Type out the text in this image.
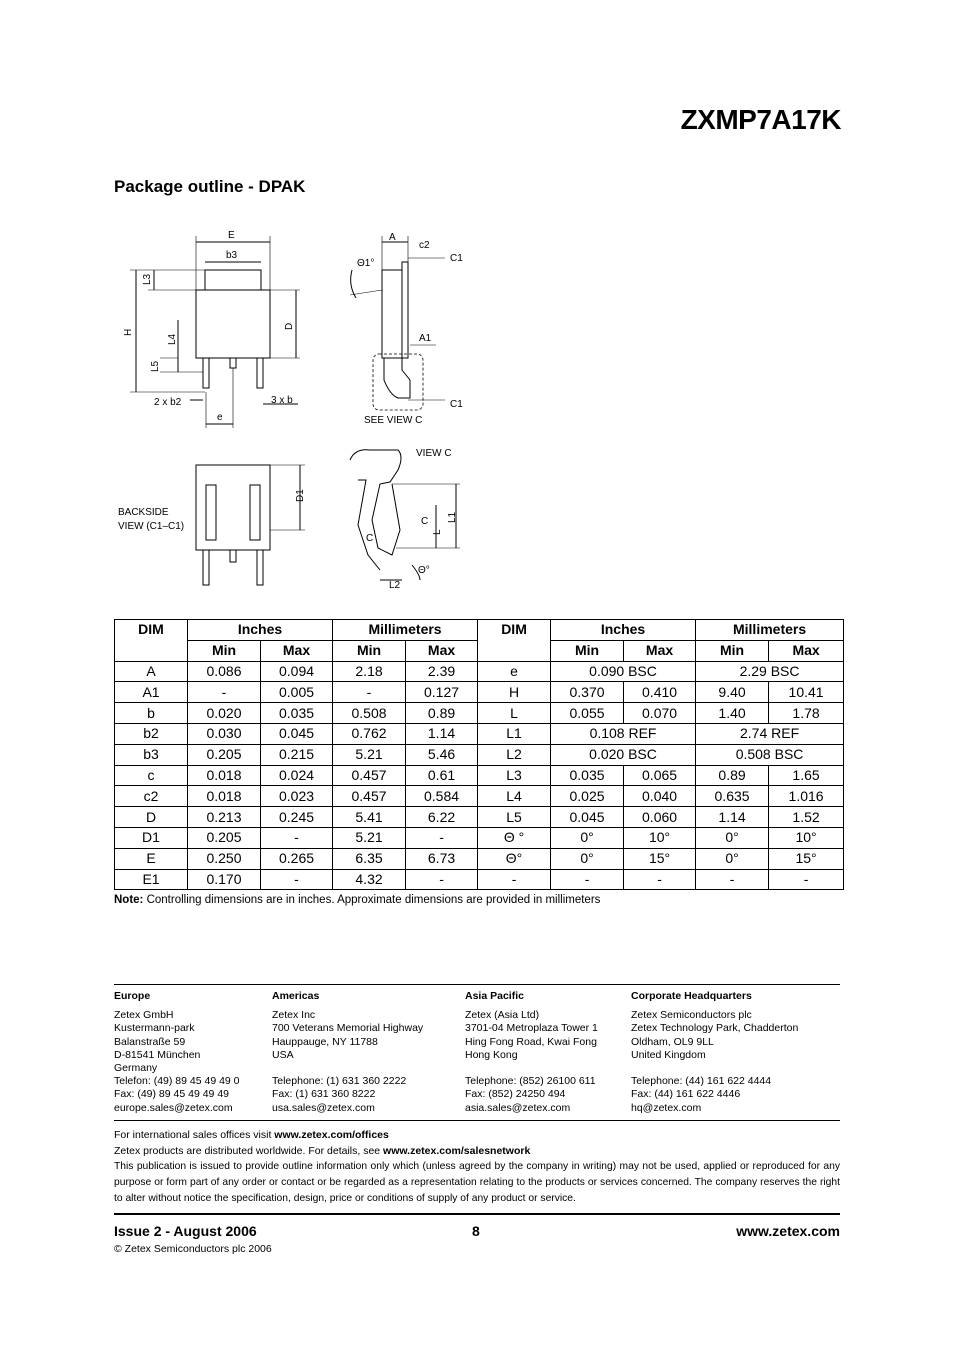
ZXMP7A17K
Package outline - DPAK
E
b3
L3
H
L4
L5
D
2 x b2
e
3 x b
A
c2
Θ1°	C1
A1
C1
SEE VIEW C
BACKSIDE
VIEW (C1–C1)
D1
VIEW C
C
C
L
L1
L2
Θ°
DIM	Inches		Millimeters		DIM	Inches		Millimeters	
	Min	Max	Min	Max		Min	Max	Min	Max
A	0.086	0.094	2.18	2.39	e	0.090 BSC		2.29 BSC	
A1	-	0.005	-	0.127	H	0.370	0.410	9.40	10.41
b	0.020	0.035	0.508	0.89	L	0.055	0.070	1.40	1.78
b2	0.030	0.045	0.762	1.14	L1	0.108 REF		2.74 REF	
b3	0.205	0.215	5.21	5.46	L2	0.020 BSC		0.508 BSC	
c	0.018	0.024	0.457	0.61	L3	0.035	0.065	0.89	1.65
c2	0.018	0.023	0.457	0.584	L4	0.025	0.040	0.635	1.016
D	0.213	0.245	5.41	6.22	L5	0.045	0.060	1.14	1.52
D1	0.205	-	5.21	-	Θ °	0°	10°	0°	10°
E	0.250	0.265	6.35	6.73	Θ°	0°	15°	0°	15°
E1	0.170	-	4.32	-	-	-	-	-	-
Note: Controlling dimensions are in inches. Approximate dimensions are provided in millimeters
Europe
Zetex GmbH
Kustermann-park
Balanstraße 59
D-81541 München
Germany
Telefon: (49) 89 45 49 49 0
Fax: (49) 89 45 49 49 49
europe.sales@zetex.com
Americas
Zetex Inc
700 Veterans Memorial Highway
Hauppauge, NY 11788
USA
Telephone: (1) 631 360 2222
Fax: (1) 631 360 8222
usa.sales@zetex.com
Asia Pacific
Zetex (Asia Ltd)
3701-04 Metroplaza Tower 1
Hing Fong Road, Kwai Fong
Hong Kong
Telephone: (852) 26100 611
Fax: (852) 24250 494
asia.sales@zetex.com
Corporate Headquarters
Zetex Semiconductors plc
Zetex Technology Park, Chadderton
Oldham, OL9 9LL
United Kingdom
Telephone: (44) 161 622 4444
Fax: (44) 161 622 4446
hq@zetex.com
For international sales offices visit www.zetex.com/offices
Zetex products are distributed worldwide. For details, see www.zetex.com/salesnetwork
This publication is issued to provide outline information only which (unless agreed by the company in writing) may not be used, applied or reproduced for any purpose or form part of any order or contact or be regarded as a representation relating to the products or services concerned. The company reserves the right to alter without notice the specification, design, price or conditions of supply of any product or service.
Issue 2 - August 2006	8	www.zetex.com
© Zetex Semiconductors plc 2006
